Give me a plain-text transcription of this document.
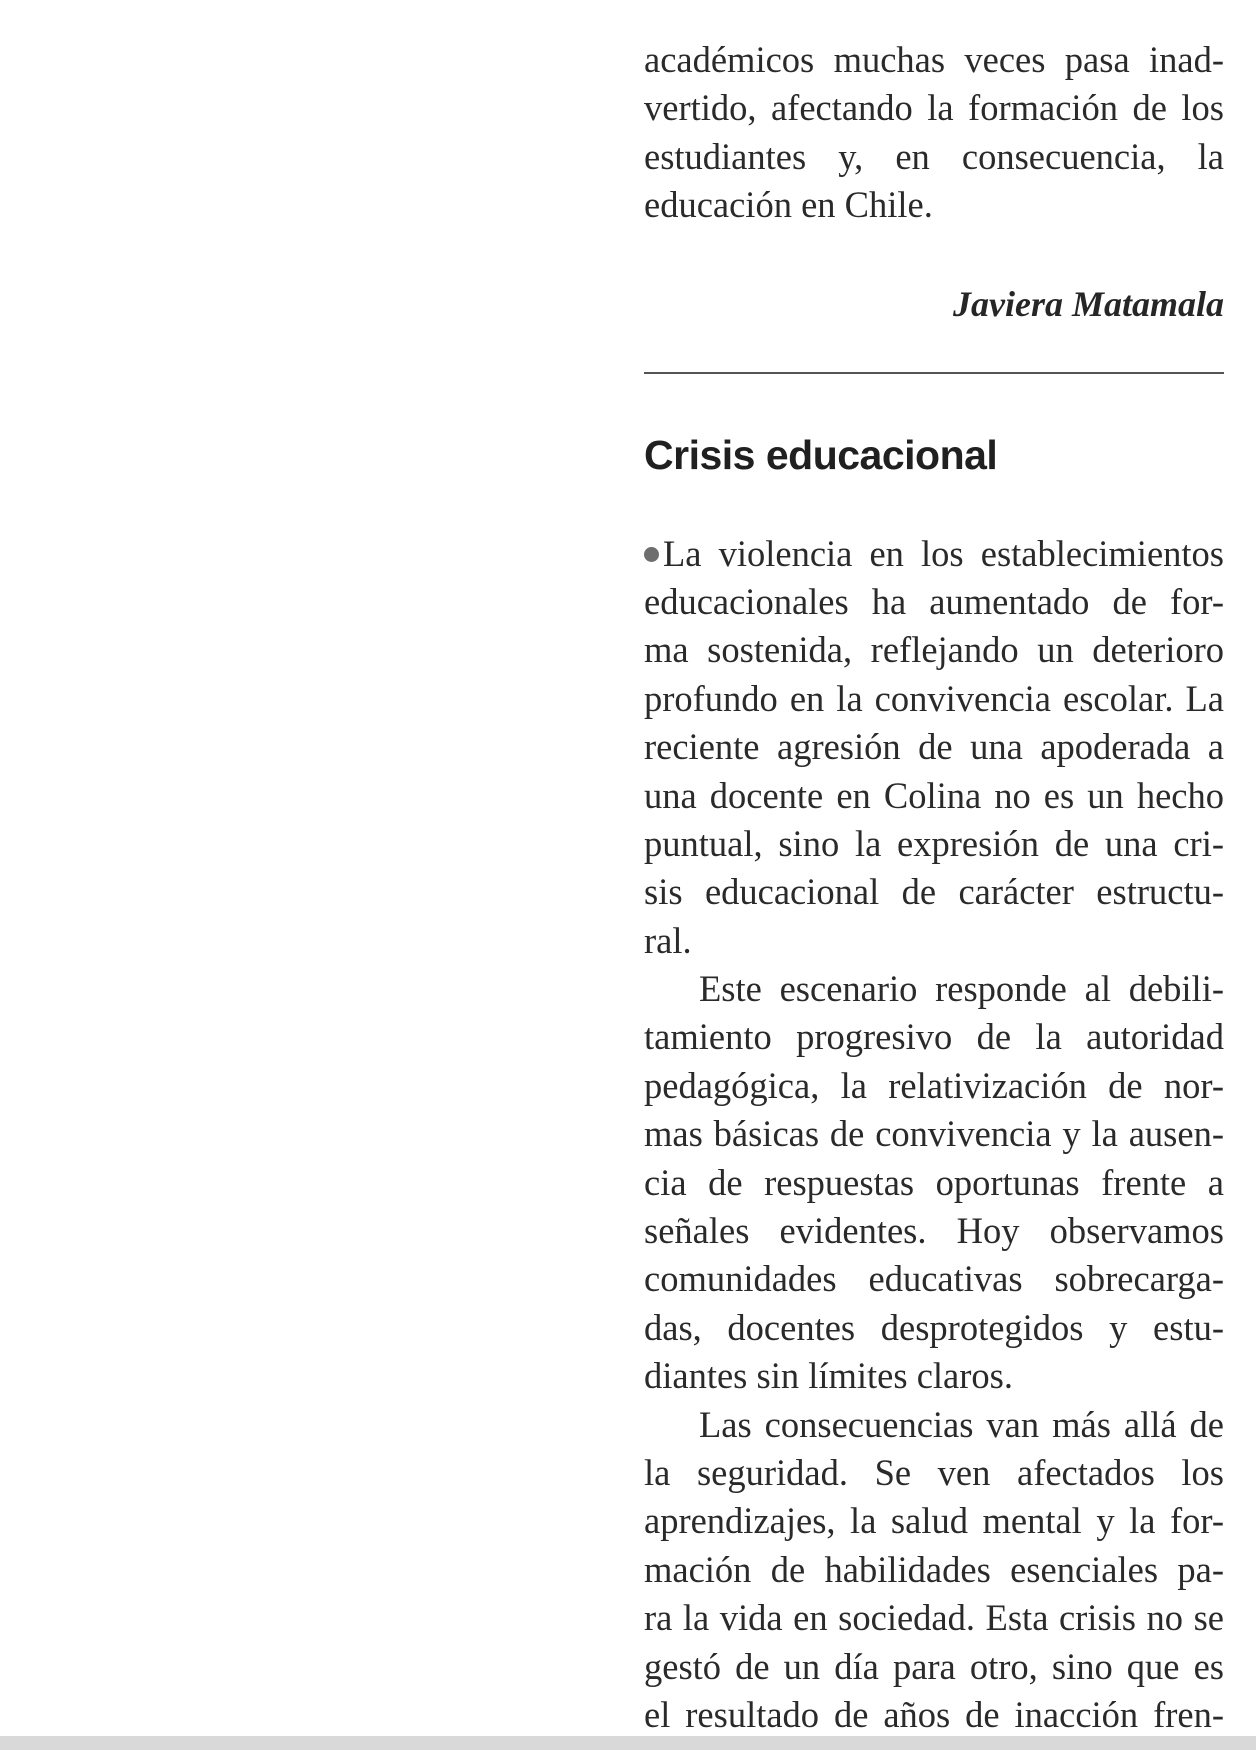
académicos muchas veces pasa inad-
vertido, afectando la formación de los
estudiantes y, en consecuencia, la
educación en Chile.
Javiera Matamala
Crisis educacional
La violencia en los establecimientos
educacionales ha aumentado de for-
ma sostenida, reflejando un deterioro
profundo en la convivencia escolar. La
reciente agresión de una apoderada a
una docente en Colina no es un hecho
puntual, sino la expresión de una cri-
sis educacional de carácter estructu-
ral.
Este escenario responde al debili-
tamiento progresivo de la autoridad
pedagógica, la relativización de nor-
mas básicas de convivencia y la ausen-
cia de respuestas oportunas frente a
señales evidentes. Hoy observamos
comunidades educativas sobrecarga-
das, docentes desprotegidos y estu-
diantes sin límites claros.
Las consecuencias van más allá de
la seguridad. Se ven afectados los
aprendizajes, la salud mental y la for-
mación de habilidades esenciales pa-
ra la vida en sociedad. Esta crisis no se
gestó de un día para otro, sino que es
el resultado de años de inacción fren-
